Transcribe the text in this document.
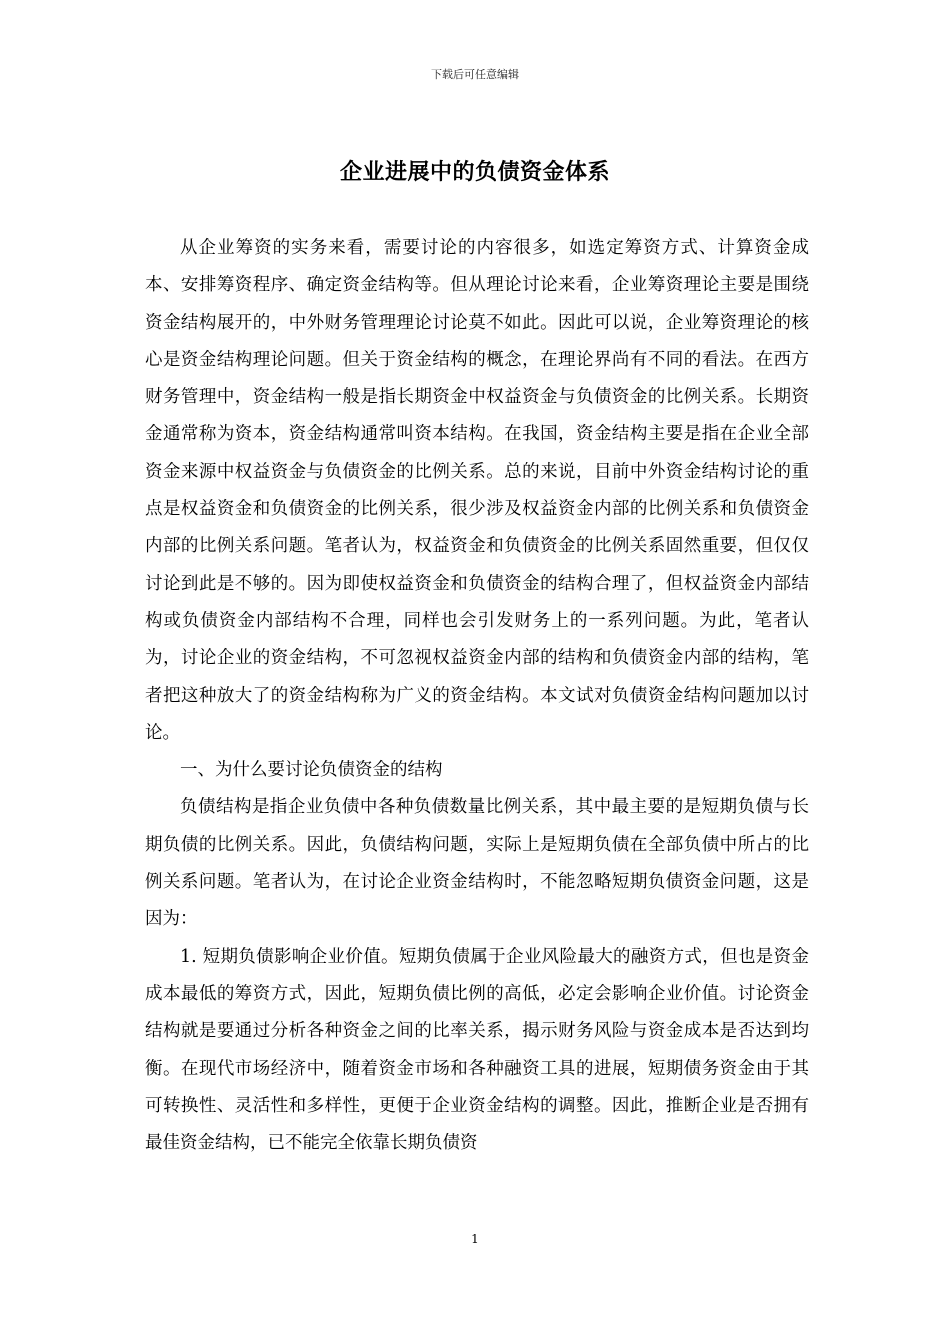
下载后可任意编辑
企业进展中的负债资金体系

从企业筹资的实务来看，需要讨论的内容很多，如选定筹资方式、计算资金成本、安排筹资程序、确定资金结构等。但从理论讨论来看，企业筹资理论主要是围绕资金结构展开的，中外财务管理理论讨论莫不如此。因此可以说，企业筹资理论的核心是资金结构理论问题。但关于资金结构的概念，在理论界尚有不同的看法。在西方财务管理中，资金结构一般是指长期资金中权益资金与负债资金的比例关系。长期资金通常称为资本，资金结构通常叫资本结构。在我国，资金结构主要是指在企业全部资金来源中权益资金与负债资金的比例关系。总的来说，目前中外资金结构讨论的重点是权益资金和负债资金的比例关系，很少涉及权益资金内部的比例关系和负债资金内部的比例关系问题。笔者认为，权益资金和负债资金的比例关系固然重要，但仅仅讨论到此是不够的。因为即使权益资金和负债资金的结构合理了，但权益资金内部结构或负债资金内部结构不合理，同样也会引发财务上的一系列问题。为此，笔者认为，讨论企业的资金结构，不可忽视权益资金内部的结构和负债资金内部的结构，笔者把这种放大了的资金结构称为广义的资金结构。本文试对负债资金结构问题加以讨论。

一、为什么要讨论负债资金的结构

负债结构是指企业负债中各种负债数量比例关系，其中最主要的是短期负债与长期负债的比例关系。因此，负债结构问题，实际上是短期负债在全部负债中所占的比例关系问题。笔者认为，在讨论企业资金结构时，不能忽略短期负债资金问题，这是因为：

1. 短期负债影响企业价值。短期负债属于企业风险最大的融资方式，但也是资金成本最低的筹资方式，因此，短期负债比例的高低，必定会影响企业价值。讨论资金结构就是要通过分析各种资金之间的比率关系，揭示财务风险与资金成本是否达到均衡。在现代市场经济中，随着资金市场和各种融资工具的进展，短期债务资金由于其可转换性、灵活性和多样性，更便于企业资金结构的调整。因此，推断企业是否拥有最佳资金结构，已不能完全依靠长期负债资

1
